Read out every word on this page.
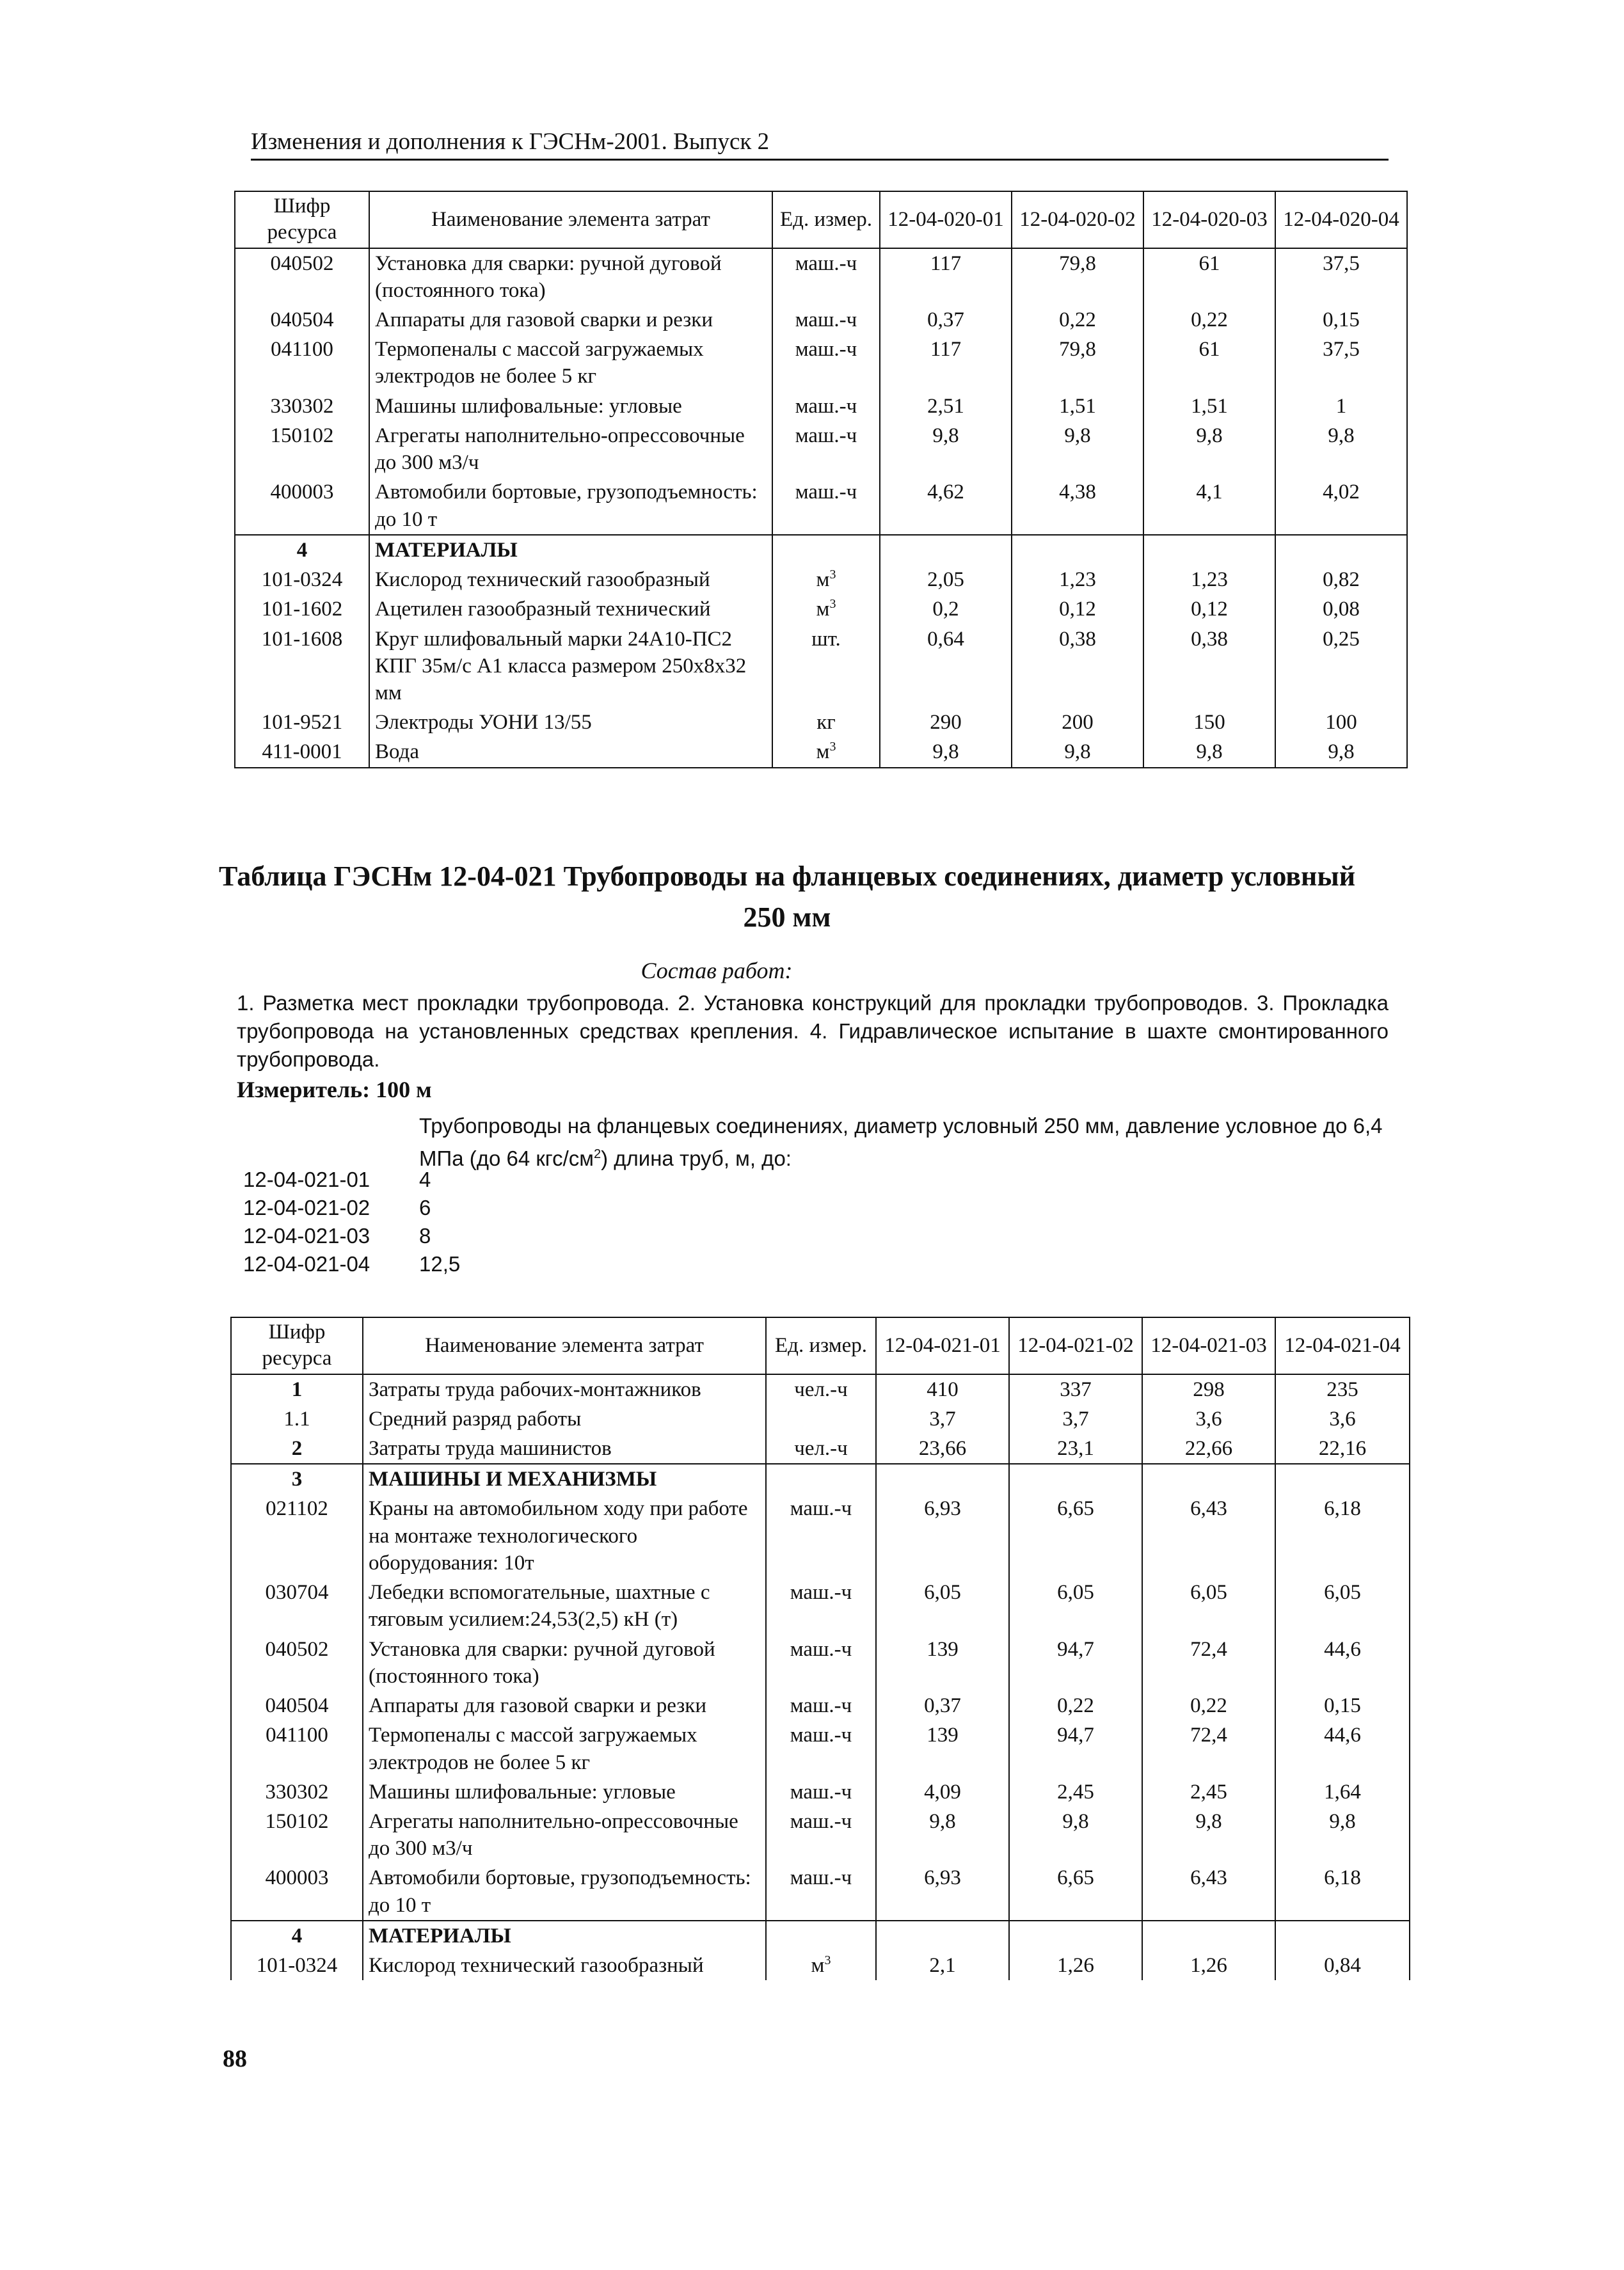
Изменения и дополнения к ГЭСНм-2001. Выпуск 2
Шифр ресурса	Наименование элемента затрат	Ед. измер.	12-04-020-01	12-04-020-02	12-04-020-03	12-04-020-04
040502	Установка для сварки: ручной дуговой (постоянного тока)	маш.-ч	117	79,8	61	37,5
040504	Аппараты для газовой сварки и резки	маш.-ч	0,37	0,22	0,22	0,15
041100	Термопеналы с массой загружаемых электродов не более 5 кг	маш.-ч	117	79,8	61	37,5
330302	Машины шлифовальные: угловые	маш.-ч	2,51	1,51	1,51	1
150102	Агрегаты наполнительно-опрессовочные до 300 м3/ч	маш.-ч	9,8	9,8	9,8	9,8
400003	Автомобили бортовые, грузоподъемность: до 10 т	маш.-ч	4,62	4,38	4,1	4,02
4	МАТЕРИАЛЫ					
101-0324	Кислород технический газообразный	$м^3$	2,05	1,23	1,23	0,82
101-1602	Ацетилен газообразный технический	$м^3$	0,2	0,12	0,12	0,08
101-1608	Круг шлифовальный марки 24А10-ПС2 КПГ 35м/с А1 класса размером 250х8х32 мм	шт.	0,64	0,38	0,38	0,25
101-9521	Электроды УОНИ 13/55	кг	290	200	150	100
411-0001	Вода	$м^3$	9,8	9,8	9,8	9,8
Таблица ГЭСНм 12-04-021 Трубопроводы на фланцевых соединениях, диаметр условный 250 мм
Состав работ:
1. Разметка мест прокладки трубопровода. 2. Установка конструкций для прокладки трубопроводов. 3. Прокладка трубопровода на установленных средствах крепления. 4. Гидравлическое испытание в шахте смонтированного трубопровода.
Измеритель: 100 м
Трубопроводы на фланцевых соединениях, диаметр условный 250 мм, давление условное до 6,4 МПа (до 64 кгс/$см^2$) длина труб, м, до:
12-04-021-01	4
12-04-021-02	6
12-04-021-03	8
12-04-021-04	12,5
Шифр ресурса	Наименование элемента затрат	Ед. измер.	12-04-021-01	12-04-021-02	12-04-021-03	12-04-021-04
1	Затраты труда рабочих-монтажников	чел.-ч	410	337	298	235
1.1	Средний разряд работы		3,7	3,7	3,6	3,6
2	Затраты труда машинистов	чел.-ч	23,66	23,1	22,66	22,16
3	МАШИНЫ И МЕХАНИЗМЫ					
021102	Краны на автомобильном ходу при работе на монтаже технологического оборудования: 10т	маш.-ч	6,93	6,65	6,43	6,18
030704	Лебедки вспомогательные, шахтные с тяговым усилием:24,53(2,5) кН (т)	маш.-ч	6,05	6,05	6,05	6,05
040502	Установка для сварки: ручной дуговой (постоянного тока)	маш.-ч	139	94,7	72,4	44,6
040504	Аппараты для газовой сварки и резки	маш.-ч	0,37	0,22	0,22	0,15
041100	Термопеналы с массой загружаемых электродов не более 5 кг	маш.-ч	139	94,7	72,4	44,6
330302	Машины шлифовальные: угловые	маш.-ч	4,09	2,45	2,45	1,64
150102	Агрегаты наполнительно-опрессовочные до 300 м3/ч	маш.-ч	9,8	9,8	9,8	9,8
400003	Автомобили бортовые, грузоподъемность: до 10 т	маш.-ч	6,93	6,65	6,43	6,18
4	МАТЕРИАЛЫ					
101-0324	Кислород технический газообразный	$м^3$	2,1	1,26	1,26	0,84
88
